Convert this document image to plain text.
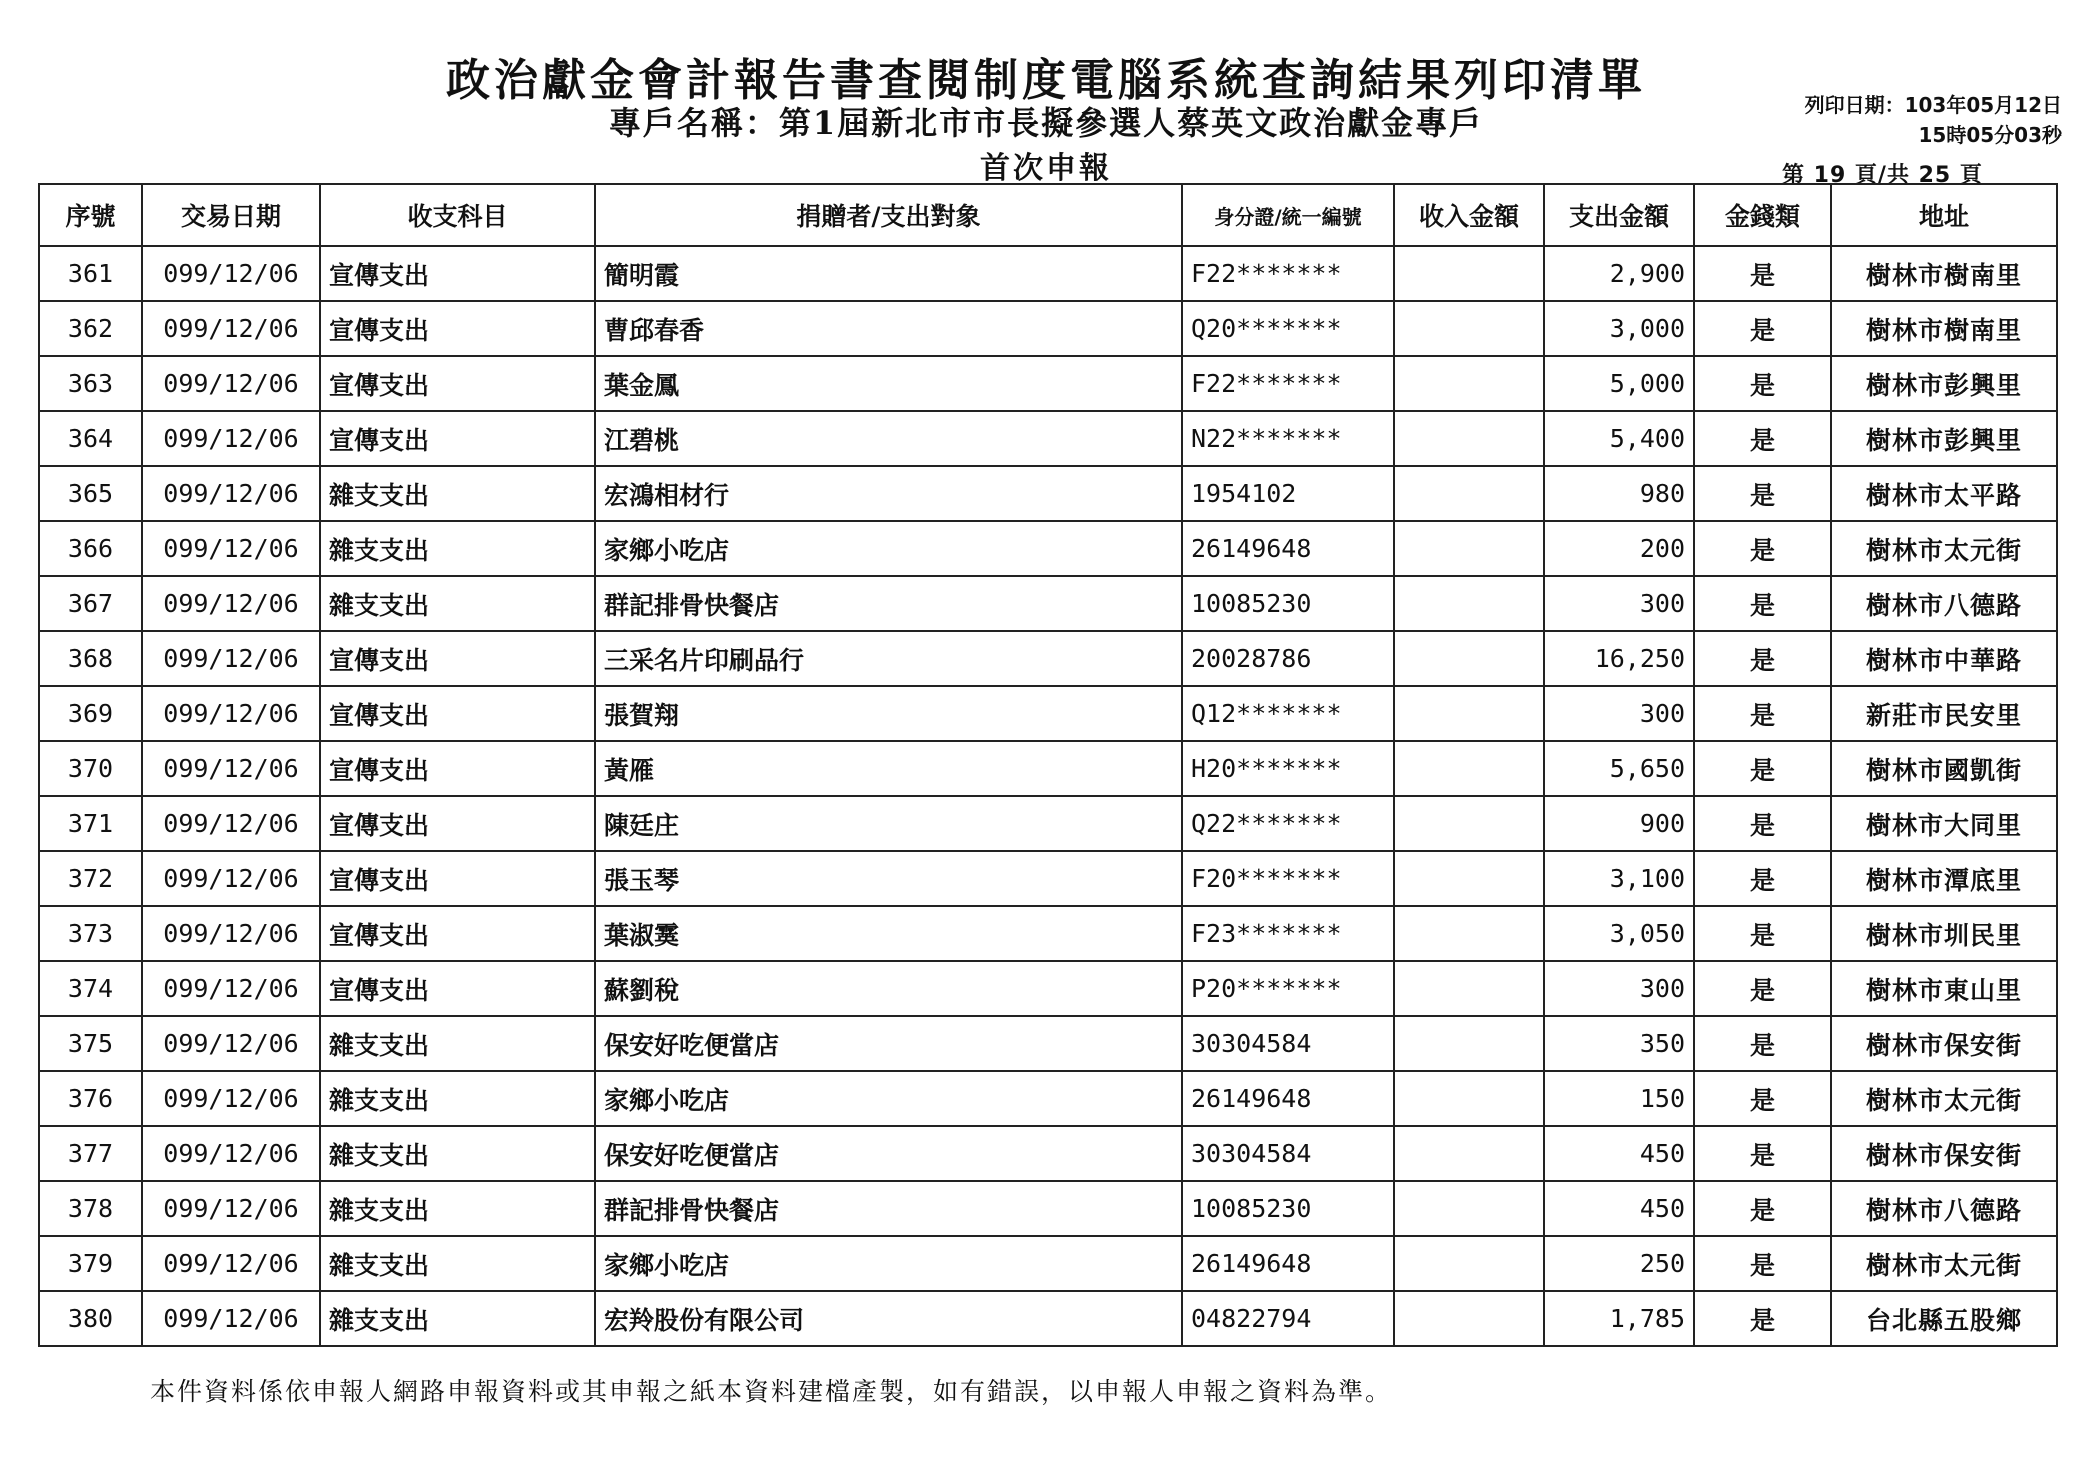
政治獻金會計報告書查閱制度電腦系統查詢結果列印清單
專戶名稱：第1屆新北市市長擬參選人蔡英文政治獻金專戶
首次申報
列印日期：103年05月12日
15時05分03秒
第 19 頁/共 25 頁
序號	交易日期	收支科目	捐贈者/支出對象	身分證/統一編號	收入金額	支出金額	金錢類	地址
361	099/12/06	宣傳支出	簡明霞	F22*******		2,900	是	樹林市樹南里
362	099/12/06	宣傳支出	曹邱春香	Q20*******		3,000	是	樹林市樹南里
363	099/12/06	宣傳支出	葉金鳳	F22*******		5,000	是	樹林市彭興里
364	099/12/06	宣傳支出	江碧桃	N22*******		5,400	是	樹林市彭興里
365	099/12/06	雜支支出	宏鴻相材行	1954102		980	是	樹林市太平路
366	099/12/06	雜支支出	家鄉小吃店	26149648		200	是	樹林市太元街
367	099/12/06	雜支支出	群記排骨快餐店	10085230		300	是	樹林市八德路
368	099/12/06	宣傳支出	三采名片印刷品行	20028786		16,250	是	樹林市中華路
369	099/12/06	宣傳支出	張賀翔	Q12*******		300	是	新莊市民安里
370	099/12/06	宣傳支出	黃雁	H20*******		5,650	是	樹林市國凱街
371	099/12/06	宣傳支出	陳廷庄	Q22*******		900	是	樹林市大同里
372	099/12/06	宣傳支出	張玉琴	F20*******		3,100	是	樹林市潭底里
373	099/12/06	宣傳支出	葉淑霙	F23*******		3,050	是	樹林市圳民里
374	099/12/06	宣傳支出	蘇劉稅	P20*******		300	是	樹林市東山里
375	099/12/06	雜支支出	保安好吃便當店	30304584		350	是	樹林市保安街
376	099/12/06	雜支支出	家鄉小吃店	26149648		150	是	樹林市太元街
377	099/12/06	雜支支出	保安好吃便當店	30304584		450	是	樹林市保安街
378	099/12/06	雜支支出	群記排骨快餐店	10085230		450	是	樹林市八德路
379	099/12/06	雜支支出	家鄉小吃店	26149648		250	是	樹林市太元街
380	099/12/06	雜支支出	宏羚股份有限公司	04822794		1,785	是	台北縣五股鄉
本件資料係依申報人網路申報資料或其申報之紙本資料建檔產製，如有錯誤，以申報人申報之資料為準。
